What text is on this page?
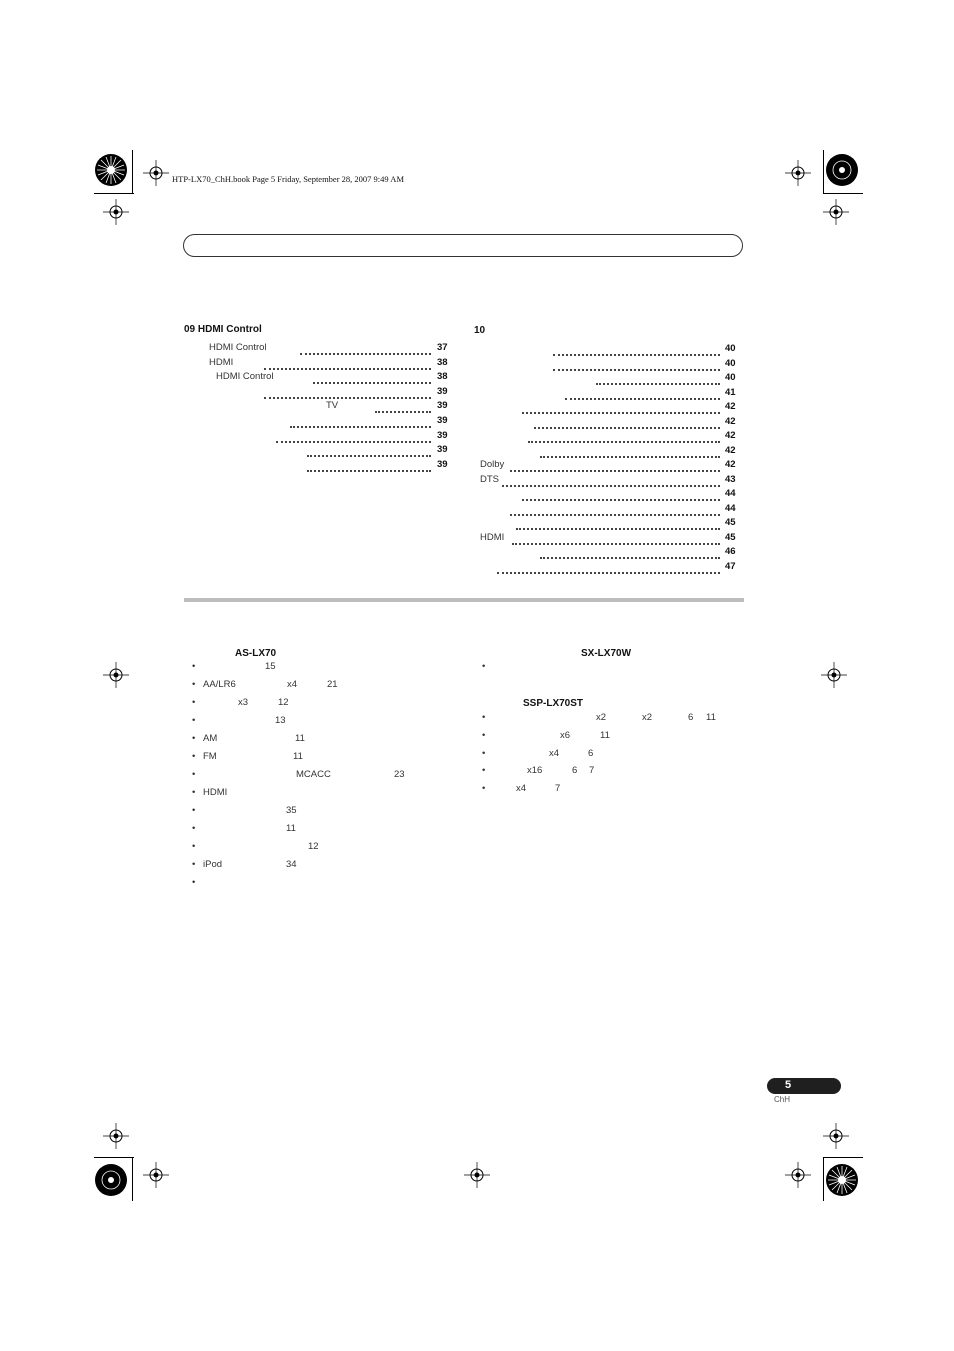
HTP-LX70_ChH.book Page 5 Friday, September 28, 2007 9:49 AM
09 HDMI Control
HDMI Control	37
HDMI	38
HDMI Control	38
39
TV	39
39
39
39
39
10
40
40
40
41
42
42
42
42
Dolby	42
DTS	43
44
44
45
HDMI	45
46
47
AS-LX70
•	15
• AA/LR6	x4	21
•	x3	12
•	13
• AM	11
• FM	11
•	MCACC	23
• HDMI
•	35
•	11
•	12
• iPod	34
•
SX-LX70W
•
SSP-LX70ST
•	x2	x2	6 11
•	x6	11
•	x4	6
•	x16	6 7
•	x4	7
5
ChH
